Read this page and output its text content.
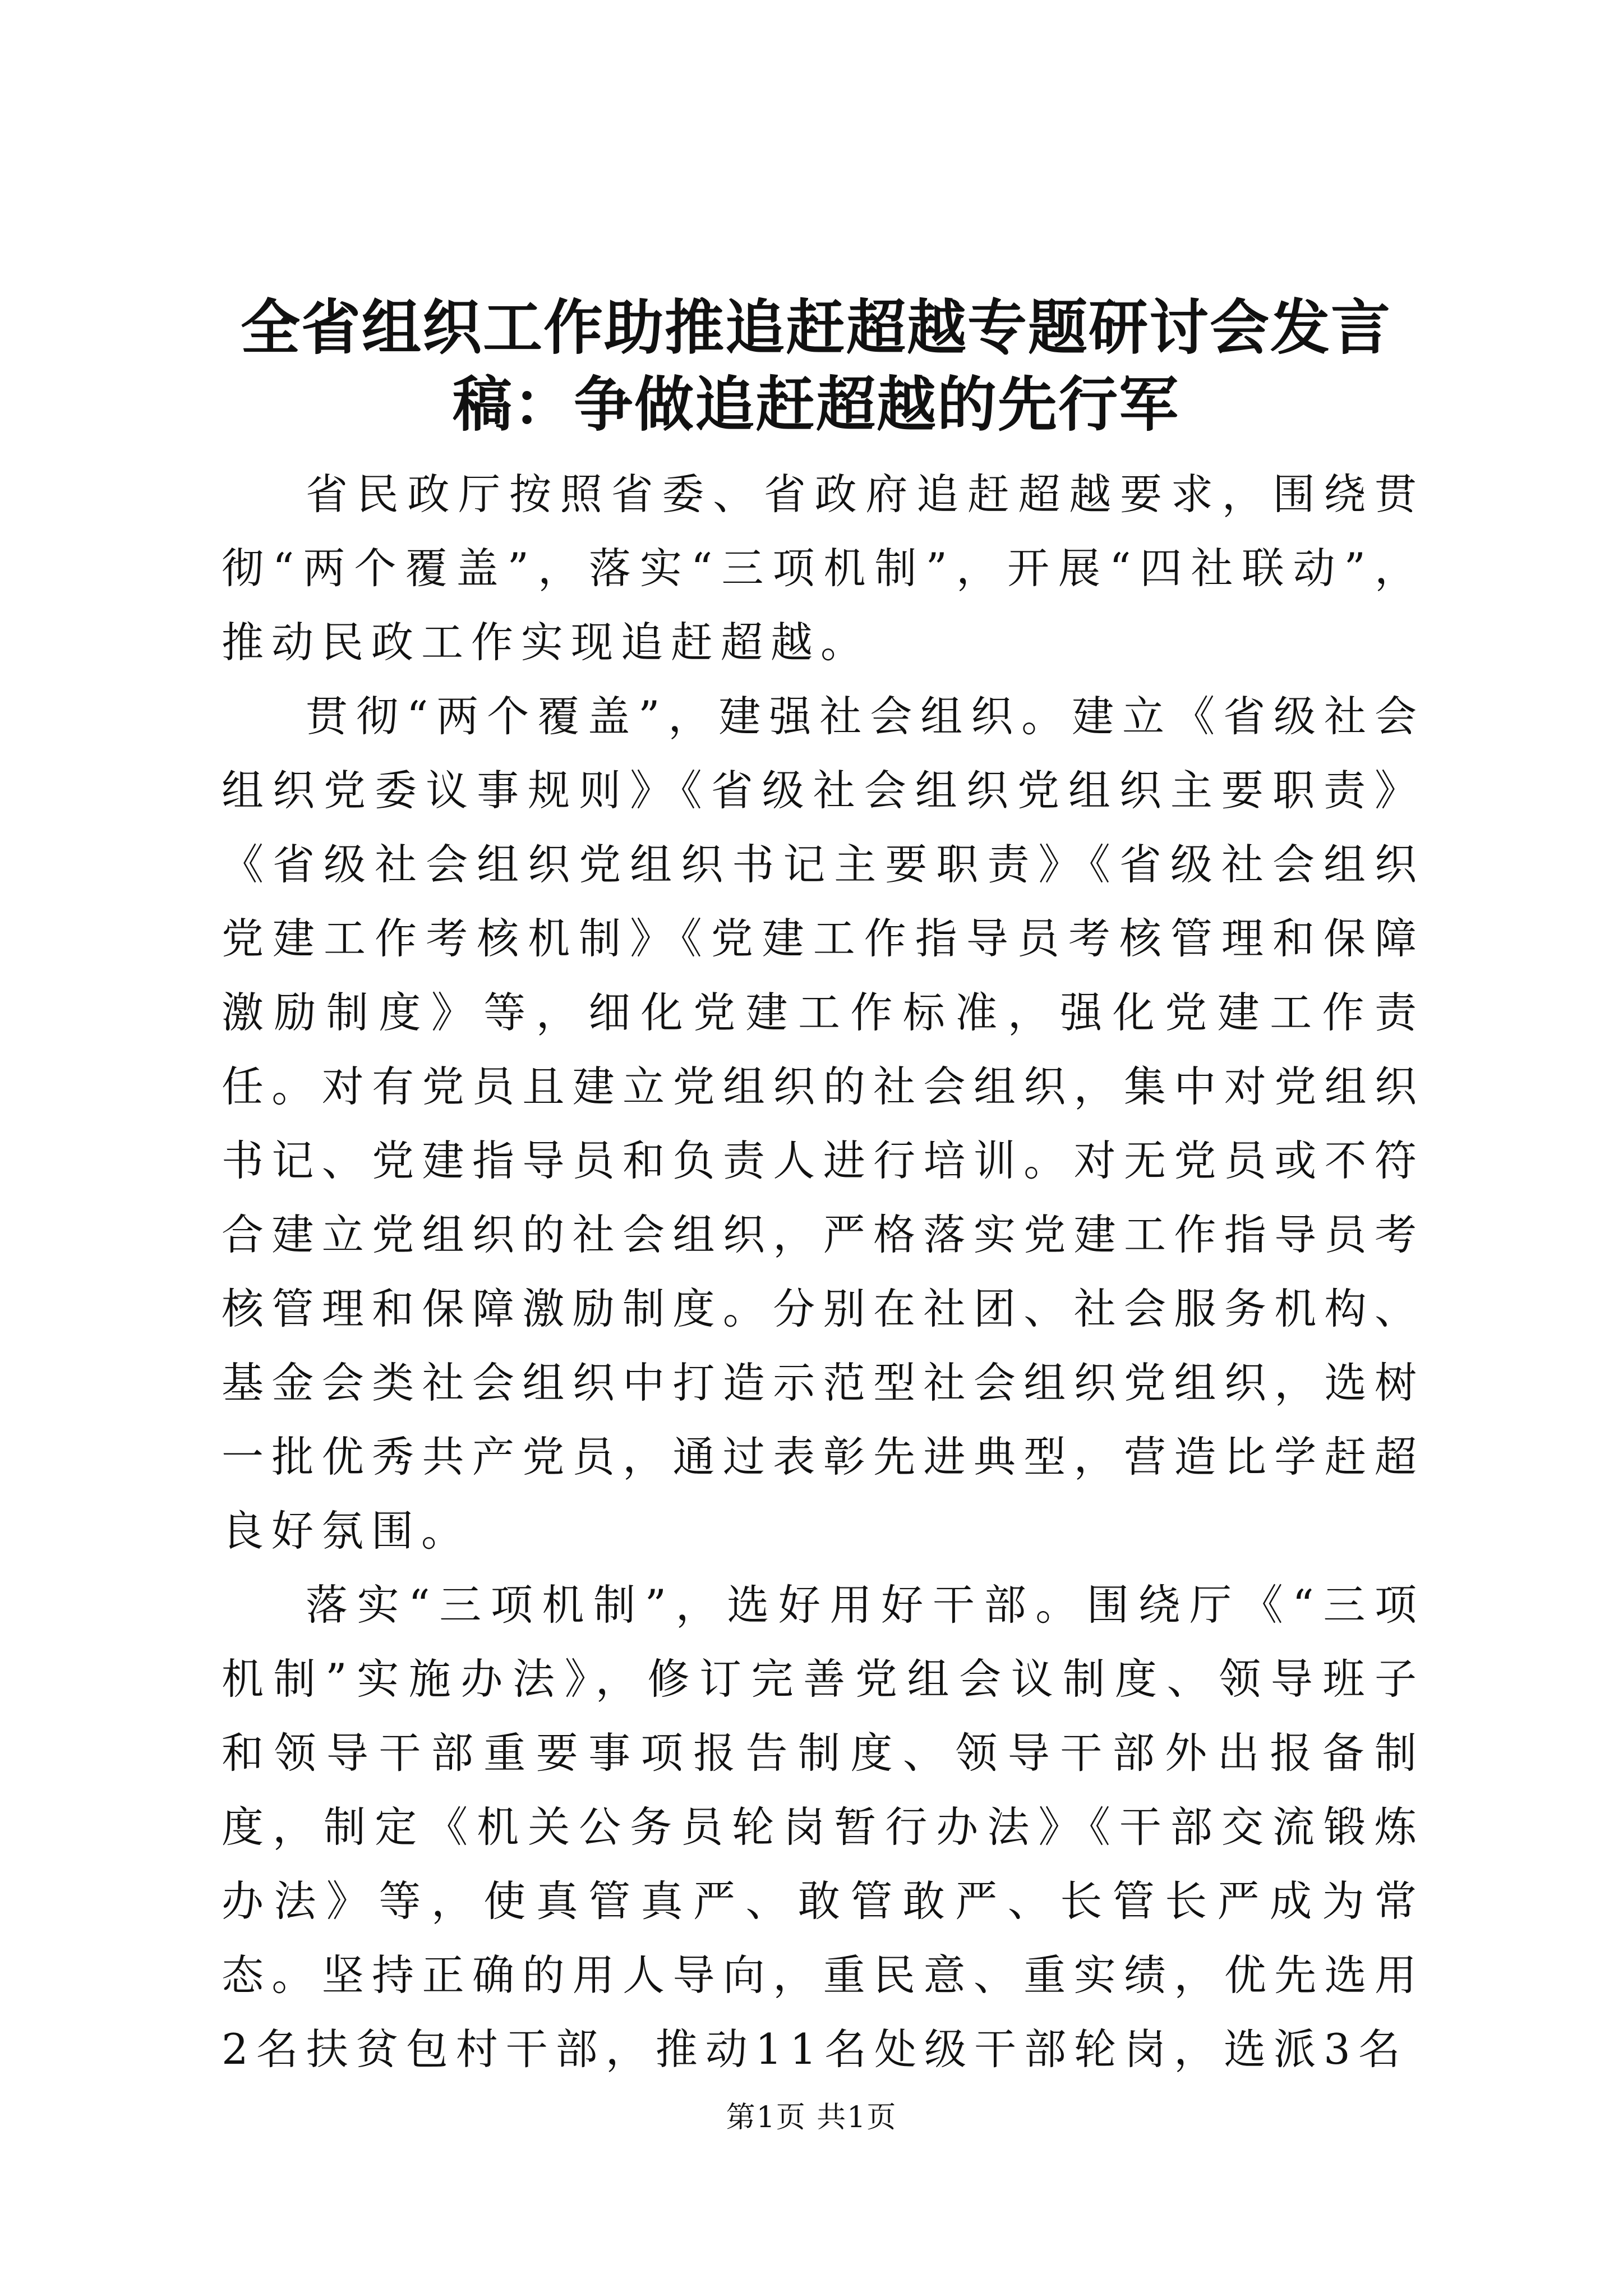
全省组织工作助推追赶超越专题研讨会发言
稿：争做追赶超越的先行军

省民政厅按照省委、省政府追赶超越要求，围绕贯彻“两个覆盖”，落实“三项机制”，开展“四社联动”，推动民政工作实现追赶超越。

贯彻“两个覆盖”，建强社会组织。建立《省级社会组织党委议事规则》《省级社会组织党组织主要职责》《省级社会组织党组织书记主要职责》《省级社会组织党建工作考核机制》《党建工作指导员考核管理和保障激励制度》等，细化党建工作标准，强化党建工作责任。对有党员且建立党组织的社会组织，集中对党组织书记、党建指导员和负责人进行培训。对无党员或不符合建立党组织的社会组织，严格落实党建工作指导员考核管理和保障激励制度。分别在社团、社会服务机构、基金会类社会组织中打造示范型社会组织党组织，选树一批优秀共产党员，通过表彰先进典型，营造比学赶超良好氛围。

落实“三项机制”，选好用好干部。围绕厅《“三项机制”实施办法》，修订完善党组会议制度、领导班子和领导干部重要事项报告制度、领导干部外出报备制度，制定《机关公务员轮岗暂行办法》《干部交流锻炼办法》等，使真管真严、敢管敢严、长管长严成为常态。坚持正确的用人导向，重民意、重实绩，优先选用2名扶贫包村干部，推动11名处级干部轮岗，选派3名

第1页 共1页
